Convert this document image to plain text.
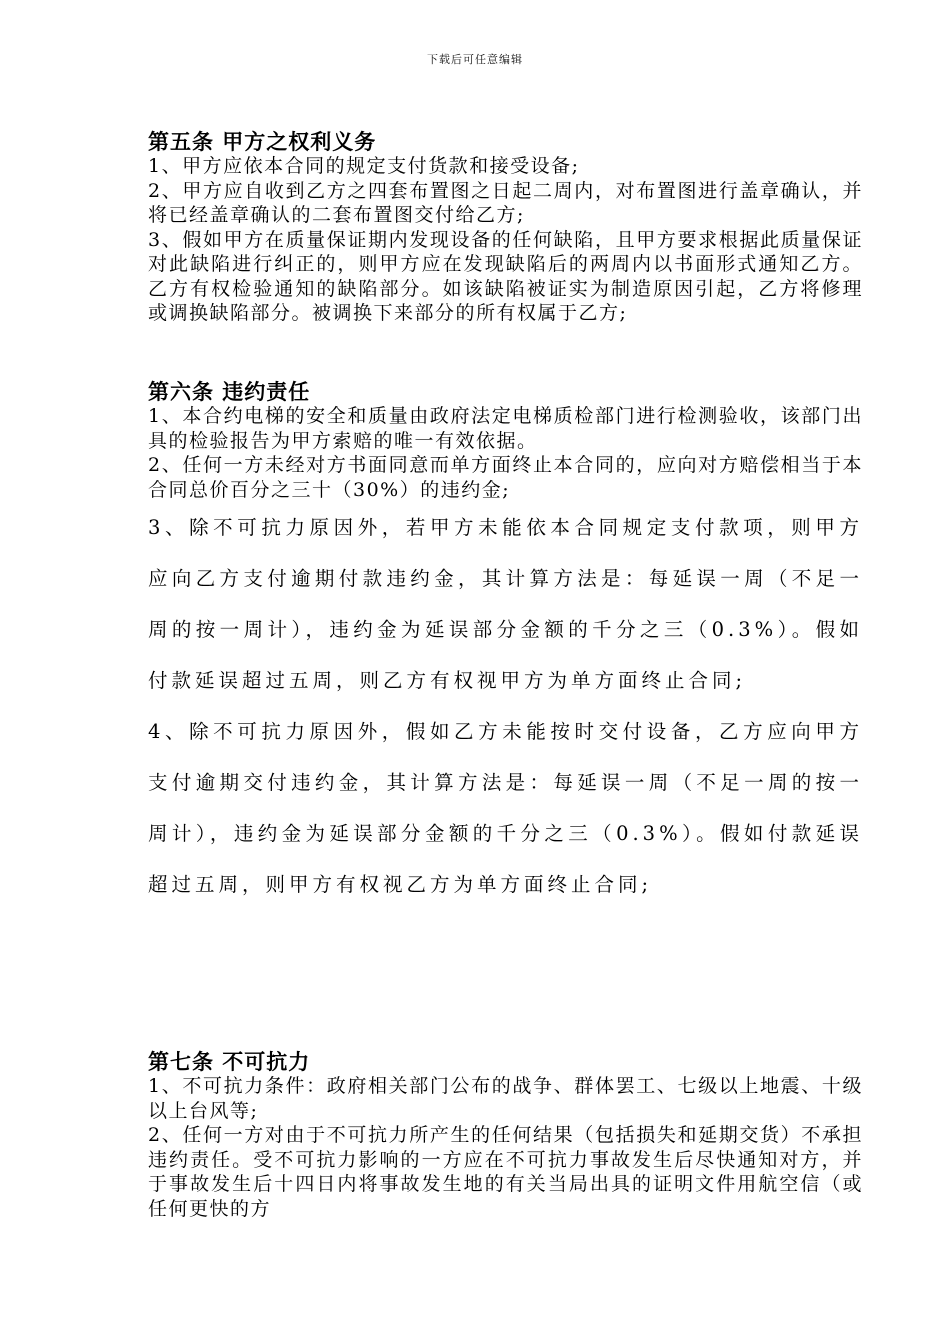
下载后可任意编辑
第五条 甲方之权利义务
1、甲方应依本合同的规定支付货款和接受设备;
2、甲方应自收到乙方之四套布置图之日起二周内，对布置图进行盖章确认，并将已经盖章确认的二套布置图交付给乙方;
3、假如甲方在质量保证期内发现设备的任何缺陷，且甲方要求根据此质量保证对此缺陷进行纠正的，则甲方应在发现缺陷后的两周内以书面形式通知乙方。乙方有权检验通知的缺陷部分。如该缺陷被证实为制造原因引起，乙方将修理或调换缺陷部分。被调换下来部分的所有权属于乙方;
第六条 违约责任
1、本合约电梯的安全和质量由政府法定电梯质检部门进行检测验收，该部门出具的检验报告为甲方索赔的唯一有效依据。
2、任何一方未经对方书面同意而单方面终止本合同的，应向对方赔偿相当于本合同总价百分之三十（30%）的违约金;
3、除不可抗力原因外，若甲方未能依本合同规定支付款项，则甲方应向乙方支付逾期付款违约金，其计算方法是：每延误一周（不足一周的按一周计），违约金为延误部分金额的千分之三（0.3%）。假如付款延误超过五周，则乙方有权视甲方为单方面终止合同;
4、除不可抗力原因外，假如乙方未能按时交付设备，乙方应向甲方支付逾期交付违约金，其计算方法是：每延误一周（不足一周的按一周计），违约金为延误部分金额的千分之三（0.3%）。假如付款延误超过五周，则甲方有权视乙方为单方面终止合同;
第七条 不可抗力
1、不可抗力条件：政府相关部门公布的战争、群体罢工、七级以上地震、十级以上台风等;
2、任何一方对由于不可抗力所产生的任何结果（包括损失和延期交货）不承担违约责任。受不可抗力影响的一方应在不可抗力事故发生后尽快通知对方，并于事故发生后十四日内将事故发生地的有关当局出具的证明文件用航空信（或任何更快的方
